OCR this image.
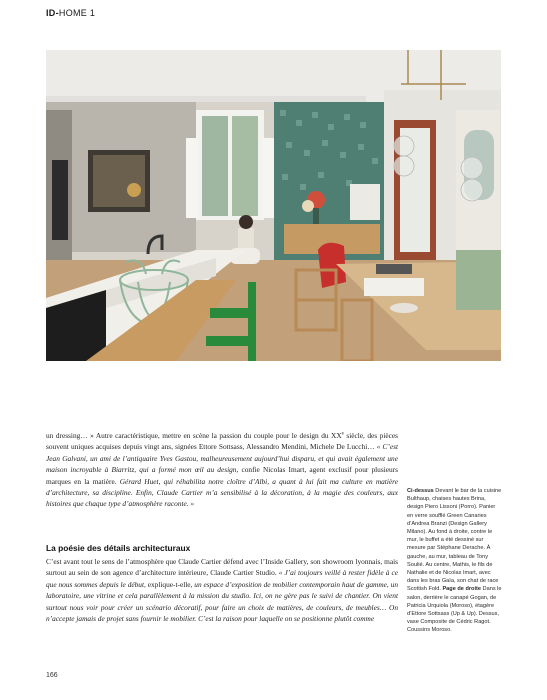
ID-HOME 1

un dressing… » Autre caractéristique, mettre en scène la passion du couple pour le design du XXe siècle, des pièces souvent uniques acquises depuis vingt ans, signées Ettore Sottsass, Alessandro Mendini, Michele De Lucchi… « C’est Jean Galvani, un ami de l’antiquaire Yves Gastou, malheureusement aujourd’hui disparu, et qui avait également une maison incroyable à Biarritz, qui a formé mon œil au design, confie Nicolas Imart, agent exclusif pour plusieurs marques en la matière. Gérard Huet, qui réhabilita notre cloître d’Albi, a quant à lui fait ma culture en matière d’architecture, sa discipline. Enfin, Claude Cartier m’a sensibilisé à la décoration, à la magie des couleurs, aux histoires que chaque type d’atmosphère raconte. »

La poésie des détails architecturaux

C’est avant tout le sens de l’atmosphère que Claude Cartier défend avec l’Inside Gallery, son showroom lyonnais, mais surtout au sein de son agence d’architecture intérieure, Claude Cartier Studio. « J’ai toujours veillé à rester fidèle à ce que nous sommes depuis le début, explique-t-elle, un espace d’exposition de mobilier contemporain haut de gamme, un laboratoire, une vitrine et cela parallèlement à la mission du studio. Ici, on ne gère pas le suivi de chantier. On vient surtout nous voir pour créer un scénario décoratif, pour faire un choix de matières, de couleurs, de meubles… On n’accepte jamais de projet sans fournir le mobilier. C’est la raison pour laquelle on se positionne plutôt comme

Ci-dessus Devant le bar de la cuisine Bulthaup, chaises hautes Brina, design Piero Lissoni (Porro). Panier en verre soufflé Green Canaries d’Andrea Branzi (Design Gallery Milano). Au fond à droite, contre le mur, le buffet a été dessiné sur mesure par Stéphane Derache. À gauche, au mur, tableau de Tony Soulié. Au centre, Mathis, le fils de Nathalie et de Nicolas Imart, avec dans les bras Gaïa, son chat de race Scottish Fold. Page de droite Dans le salon, derrière le canapé Gogan, de Patricia Urquiola (Moroso), étagère d’Ettore Sottsass (Up & Up). Dessus, vase Composite de Cédric Ragot. Coussins Moroso.
166
